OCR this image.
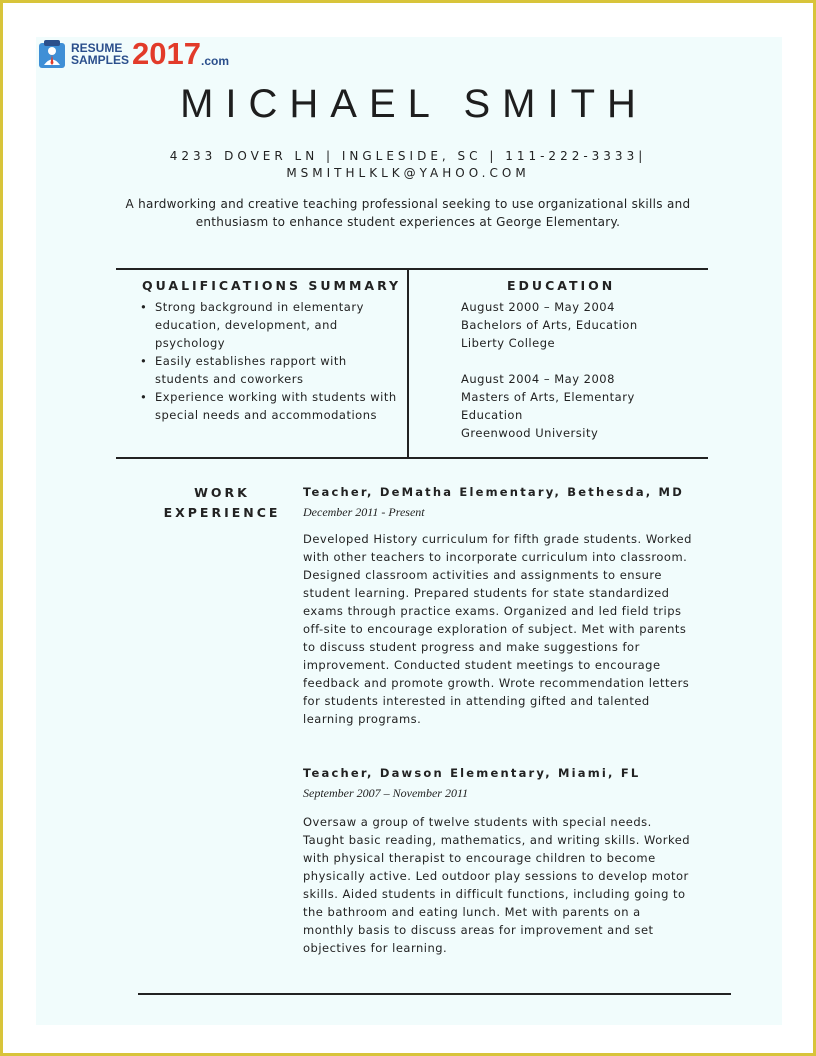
RESUME
SAMPLES 2017 .com
MICHAEL SMITH
4233 DOVER LN | INGLESIDE, SC | 111-222-3333|
MSMITHLKLK@YAHOO.COM
A hardworking and creative teaching professional seeking to use organizational skills and enthusiasm to enhance student experiences at George Elementary.
QUALIFICATIONS SUMMARY
• Strong background in elementary education, development, and psychology
• Easily establishes rapport with students and coworkers
• Experience working with students with special needs and accommodations
EDUCATION
August 2000 – May 2004
Bachelors of Arts, Education
Liberty College
August 2004 – May 2008
Masters of Arts, Elementary
Education
Greenwood University
WORK
EXPERIENCE
Teacher, DeMatha Elementary, Bethesda, MD
December 2011 - Present

Developed History curriculum for fifth grade students. Worked with other teachers to incorporate curriculum into classroom. Designed classroom activities and assignments to ensure student learning. Prepared students for state standardized exams through practice exams. Organized and led field trips off-site to encourage exploration of subject. Met with parents to discuss student progress and make suggestions for improvement. Conducted student meetings to encourage feedback and promote growth. Wrote recommendation letters for students interested in attending gifted and talented learning programs.

Teacher, Dawson Elementary, Miami, FL
September 2007 – November 2011

Oversaw a group of twelve students with special needs. Taught basic reading, mathematics, and writing skills. Worked with physical therapist to encourage children to become physically active. Led outdoor play sessions to develop motor skills. Aided students in difficult functions, including going to the bathroom and eating lunch. Met with parents on a monthly basis to discuss areas for improvement and set objectives for learning.
